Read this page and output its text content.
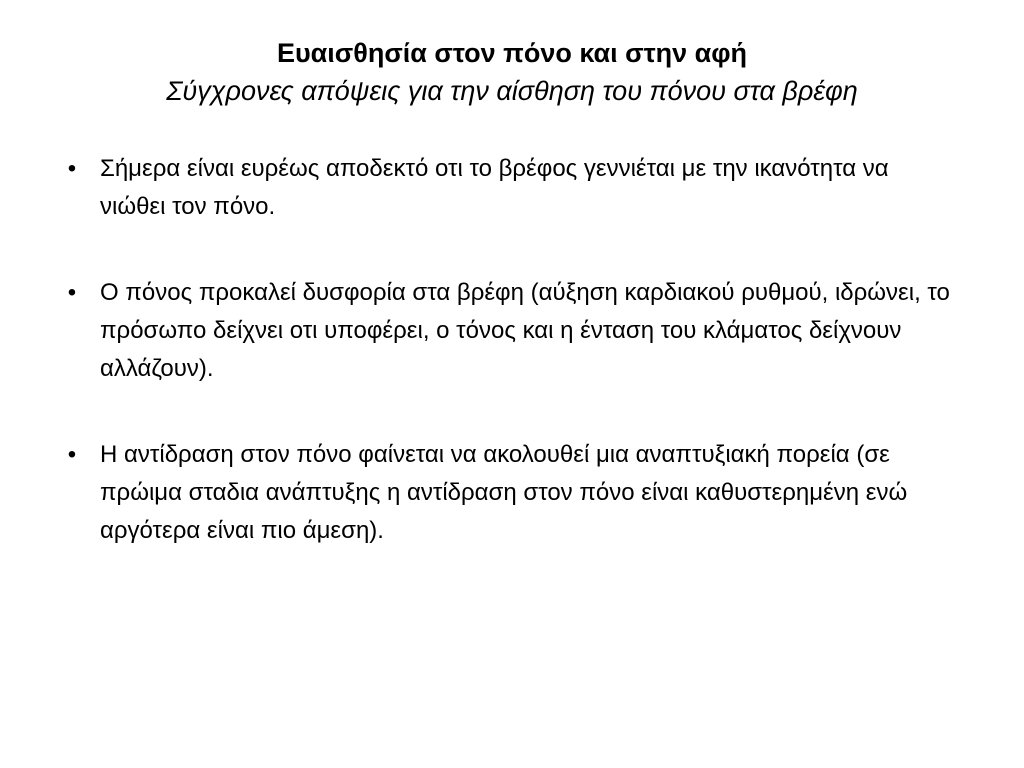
Ευαισθησία στον πόνο και στην αφή
Σύγχρονες απόψεις για την αίσθηση του πόνου στα βρέφη
• Σήμερα είναι ευρέως αποδεκτό οτι το βρέφος γεννιέται με την ικανότητα να νιώθει τον πόνο.
• Ο πόνος προκαλεί δυσφορία στα βρέφη (αύξηση καρδιακού ρυθμού, ιδρώνει, το πρόσωπο δείχνει οτι υποφέρει, ο τόνος και η ένταση του κλάματος δείχνουν αλλάζουν).
• Η αντίδραση στον πόνο φαίνεται να ακολουθεί μια αναπτυξιακή πορεία (σε πρώιμα σταδια ανάπτυξης η αντίδραση στον πόνο είναι καθυστερημένη ενώ αργότερα είναι πιο άμεση).
